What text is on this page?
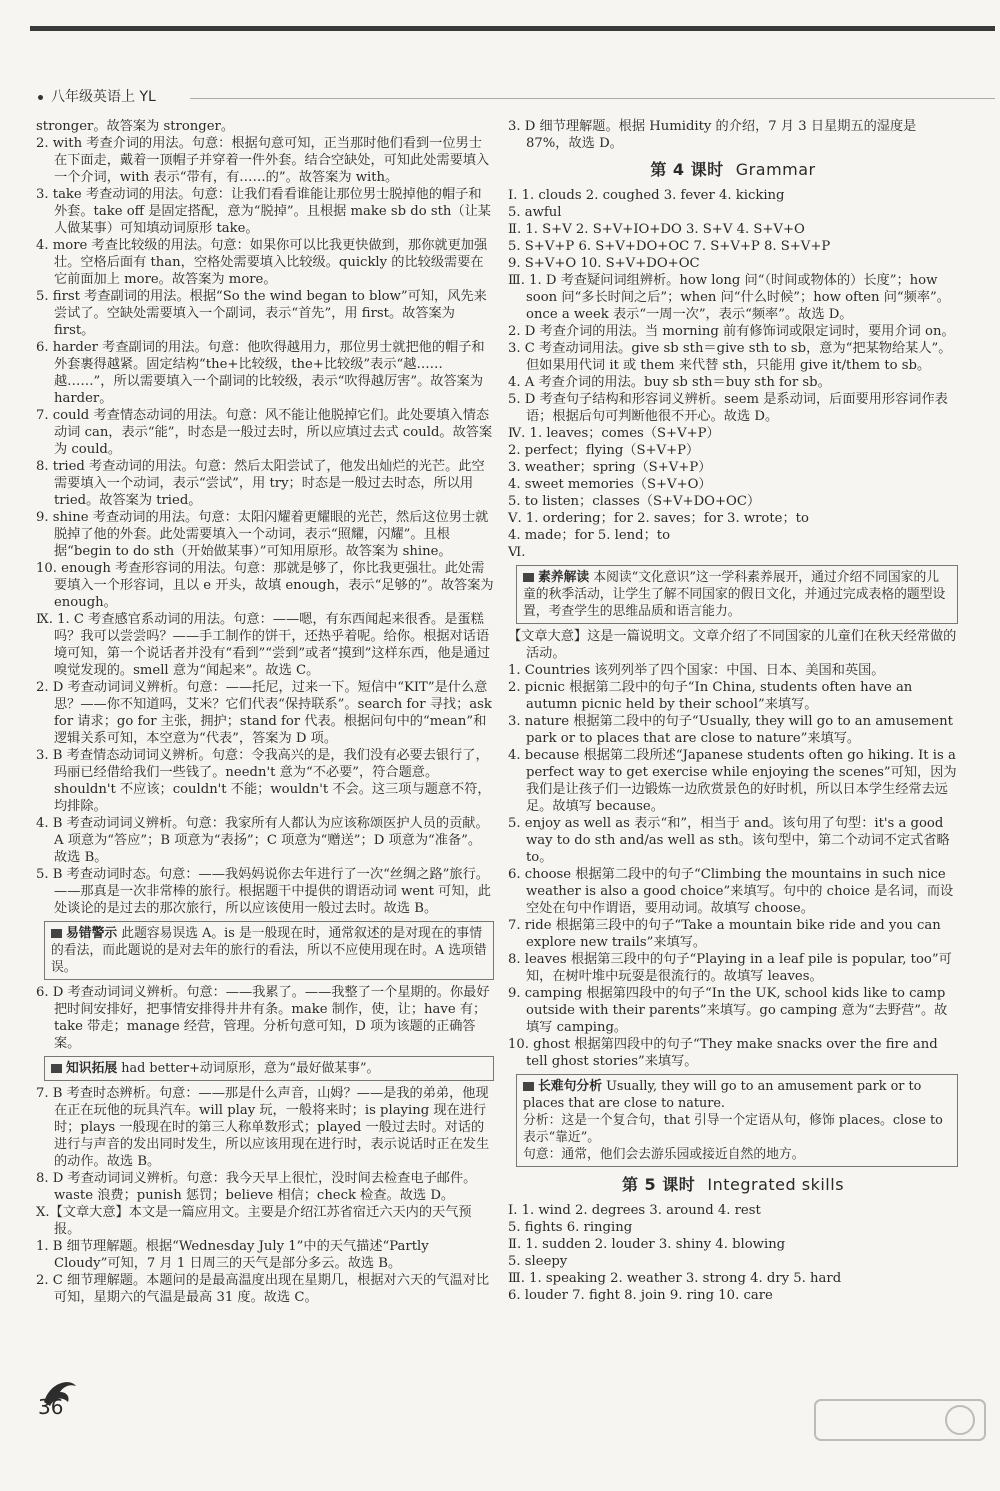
八年级英语上 YL
stronger。故答案为 stronger。
2. with 考查介词的用法。句意：根据句意可知，正当那时他们看到一位男士在下面走，戴着一顶帽子并穿着一件外套。结合空缺处，可知此处需要填入一个介词，with 表示“带有，有……的”。故答案为 with。
3. take 考查动词的用法。句意：让我们看看谁能让那位男士脱掉他的帽子和外套。take off 是固定搭配，意为“脱掉”。且根据 make sb do sth（让某人做某事）可知填动词原形 take。
4. more 考查比较级的用法。句意：如果你可以比我更快做到，那你就更加强壮。空格后面有 than，空格处需要填入比较级。quickly 的比较级需要在它前面加上 more。故答案为 more。
5. first 考查副词的用法。根据“So the wind began to blow”可知，风先来尝试了。空缺处需要填入一个副词，表示“首先”，用 first。故答案为 first。
6. harder 考查副词的用法。句意：他吹得越用力，那位男士就把他的帽子和外套裹得越紧。固定结构“the+比较级，the+比较级”表示“越……越……”，所以需要填入一个副词的比较级，表示“吹得越厉害”。故答案为 harder。
7. could 考查情态动词的用法。句意：风不能让他脱掉它们。此处要填入情态动词 can，表示“能”，时态是一般过去时，所以应填过去式 could。故答案为 could。
8. tried 考查动词的用法。句意：然后太阳尝试了，他发出灿烂的光芒。此空需要填入一个动词，表示“尝试”，用 try；时态是一般过去时态，所以用 tried。故答案为 tried。
9. shine 考查动词的用法。句意：太阳闪耀着更耀眼的光芒，然后这位男士就脱掉了他的外套。此处需要填入一个动词，表示“照耀，闪耀”。且根据“begin to do sth（开始做某事）”可知用原形。故答案为 shine。
10. enough 考查形容词的用法。句意：那就是够了，你比我更强壮。此处需要填入一个形容词，且以 e 开头，故填 enough，表示“足够的”。故答案为 enough。
Ⅸ. 1. C 考查感官系动词的用法。句意：——嗯，有东西闻起来很香。是蛋糕吗？我可以尝尝吗？——手工制作的饼干，还热乎着呢。给你。根据对话语境可知，第一个说话者并没有“看到”“尝到”或者“摸到”这样东西，他是通过嗅觉发现的。smell 意为“闻起来”。故选 C。
2. D 考查动词词义辨析。句意：——托尼，过来一下。短信中“KIT”是什么意思？——你不知道吗，艾米？它们代表“保持联系”。search for 寻找；ask for 请求；go for 主张，拥护；stand for 代表。根据问句中的“mean”和逻辑关系可知，本空意为“代表”，答案为 D 项。
3. B 考查情态动词词义辨析。句意：令我高兴的是，我们没有必要去银行了，玛丽已经借给我们一些钱了。needn't 意为“不必要”，符合题意。shouldn't 不应该；couldn't 不能；wouldn't 不会。这三项与题意不符，均排除。
4. B 考查动词词义辨析。句意：我家所有人都认为应该称颂医护人员的贡献。A 项意为“答应”；B 项意为“表扬”；C 项意为“赠送”；D 项意为“准备”。故选 B。
5. B 考查动词时态。句意：——我妈妈说你去年进行了一次“丝绸之路”旅行。——那真是一次非常棒的旅行。根据题干中提供的谓语动词 went 可知，此处谈论的是过去的那次旅行，所以应该使用一般过去时。故选 B。
易错警示 此题容易误选 A。is 是一般现在时，通常叙述的是对现在的事情的看法，而此题说的是对去年的旅行的看法，所以不应使用现在时。A 选项错误。
6. D 考查动词词义辨析。句意：——我累了。——我整了一个星期的。你最好把时间安排好，把事情安排得井井有条。make 制作，使，让；have 有；take 带走；manage 经营，管理。分析句意可知，D 项为该题的正确答案。
知识拓展 had better+动词原形，意为“最好做某事”。
7. B 考查时态辨析。句意：——那是什么声音，山姆？——是我的弟弟，他现在正在玩他的玩具汽车。will play 玩，一般将来时；is playing 现在进行时；plays 一般现在时的第三人称单数形式；played 一般过去时。对话的进行与声音的发出同时发生，所以应该用现在进行时，表示说话时正在发生的动作。故选 B。
8. D 考查动词词义辨析。句意：我今天早上很忙，没时间去检查电子邮件。waste 浪费；punish 惩罚；believe 相信；check 检查。故选 D。
Ⅹ.【文章大意】本文是一篇应用文。主要是介绍江苏省宿迁六天内的天气预报。
1. B 细节理解题。根据“Wednesday July 1”中的天气描述“Partly Cloudy”可知，7 月 1 日周三的天气是部分多云。故选 B。
2. C 细节理解题。本题问的是最高温度出现在星期几，根据对六天的气温对比可知，星期六的气温是最高 31 度。故选 C。
3. D 细节理解题。根据 Humidity 的介绍，7 月 3 日星期五的湿度是 87%，故选 D。
第 4 课时 Grammar
Ⅰ. 1. clouds 2. coughed 3. fever 4. kicking
5. awful
Ⅱ. 1. S+V 2. S+V+IO+DO 3. S+V 4. S+V+O
5. S+V+P 6. S+V+DO+OC 7. S+V+P 8. S+V+P
9. S+V+O 10. S+V+DO+OC
Ⅲ. 1. D 考查疑问词组辨析。how long 问“（时间或物体的）长度”；how soon 问“多长时间之后”；when 问“什么时候”；how often 问“频率”。once a week 表示“一周一次”，表示“频率”。故选 D。
2. D 考查介词的用法。当 morning 前有修饰词或限定词时，要用介词 on。
3. C 考查动词用法。give sb sth＝give sth to sb，意为“把某物给某人”。但如果用代词 it 或 them 来代替 sth，只能用 give it/them to sb。
4. A 考查介词的用法。buy sb sth＝buy sth for sb。
5. D 考查句子结构和形容词义辨析。seem 是系动词，后面要用形容词作表语；根据后句可判断他很不开心。故选 D。
Ⅳ. 1. leaves；comes（S+V+P）
2. perfect；flying（S+V+P）
3. weather；spring（S+V+P）
4. sweet memories（S+V+O）
5. to listen；classes（S+V+DO+OC）
Ⅴ. 1. ordering；for 2. saves；for 3. wrote；to
4. made；for 5. lend；to
Ⅵ.
素养解读 本阅读“文化意识”这一学科素养展开，通过介绍不同国家的儿童的秋季活动，让学生了解不同国家的假日文化，并通过完成表格的题型设置，考查学生的思维品质和语言能力。
【文章大意】这是一篇说明文。文章介绍了不同国家的儿童们在秋天经常做的活动。
1. Countries 该列列举了四个国家：中国、日本、美国和英国。
2. picnic 根据第二段中的句子“In China, students often have an autumn picnic held by their school”来填写。
3. nature 根据第二段中的句子“Usually, they will go to an amusement park or to places that are close to nature”来填写。
4. because 根据第二段所述“Japanese students often go hiking. It is a perfect way to get exercise while enjoying the scenes”可知，因为我们是让孩子们一边锻炼一边欣赏景色的好时机，所以日本学生经常去远足。故填写 because。
5. enjoy as well as 表示“和”，相当于 and。该句用了句型：it's a good way to do sth and/as well as sth。该句型中，第二个动词不定式省略 to。
6. choose 根据第二段中的句子“Climbing the mountains in such nice weather is also a good choice”来填写。句中的 choice 是名词，而设空处在句中作谓语，要用动词。故填写 choose。
7. ride 根据第三段中的句子“Take a mountain bike ride and you can explore new trails”来填写。
8. leaves 根据第三段中的句子“Playing in a leaf pile is popular, too”可知，在树叶堆中玩耍是很流行的。故填写 leaves。
9. camping 根据第四段中的句子“In the UK, school kids like to camp outside with their parents”来填写。go camping 意为“去野营”。故填写 camping。
10. ghost 根据第四段中的句子“They make snacks over the fire and tell ghost stories”来填写。
长难句分析 Usually, they will go to an amusement park or to places that are close to nature.
分析：这是一个复合句，that 引导一个定语从句，修饰 places。close to 表示“靠近”。
句意：通常，他们会去游乐园或接近自然的地方。
第 5 课时 Integrated skills
Ⅰ. 1. wind 2. degrees 3. around 4. rest
5. fights 6. ringing
Ⅱ. 1. sudden 2. louder 3. shiny 4. blowing
5. sleepy
Ⅲ. 1. speaking 2. weather 3. strong 4. dry 5. hard
6. louder 7. fight 8. join 9. ring 10. care
36
